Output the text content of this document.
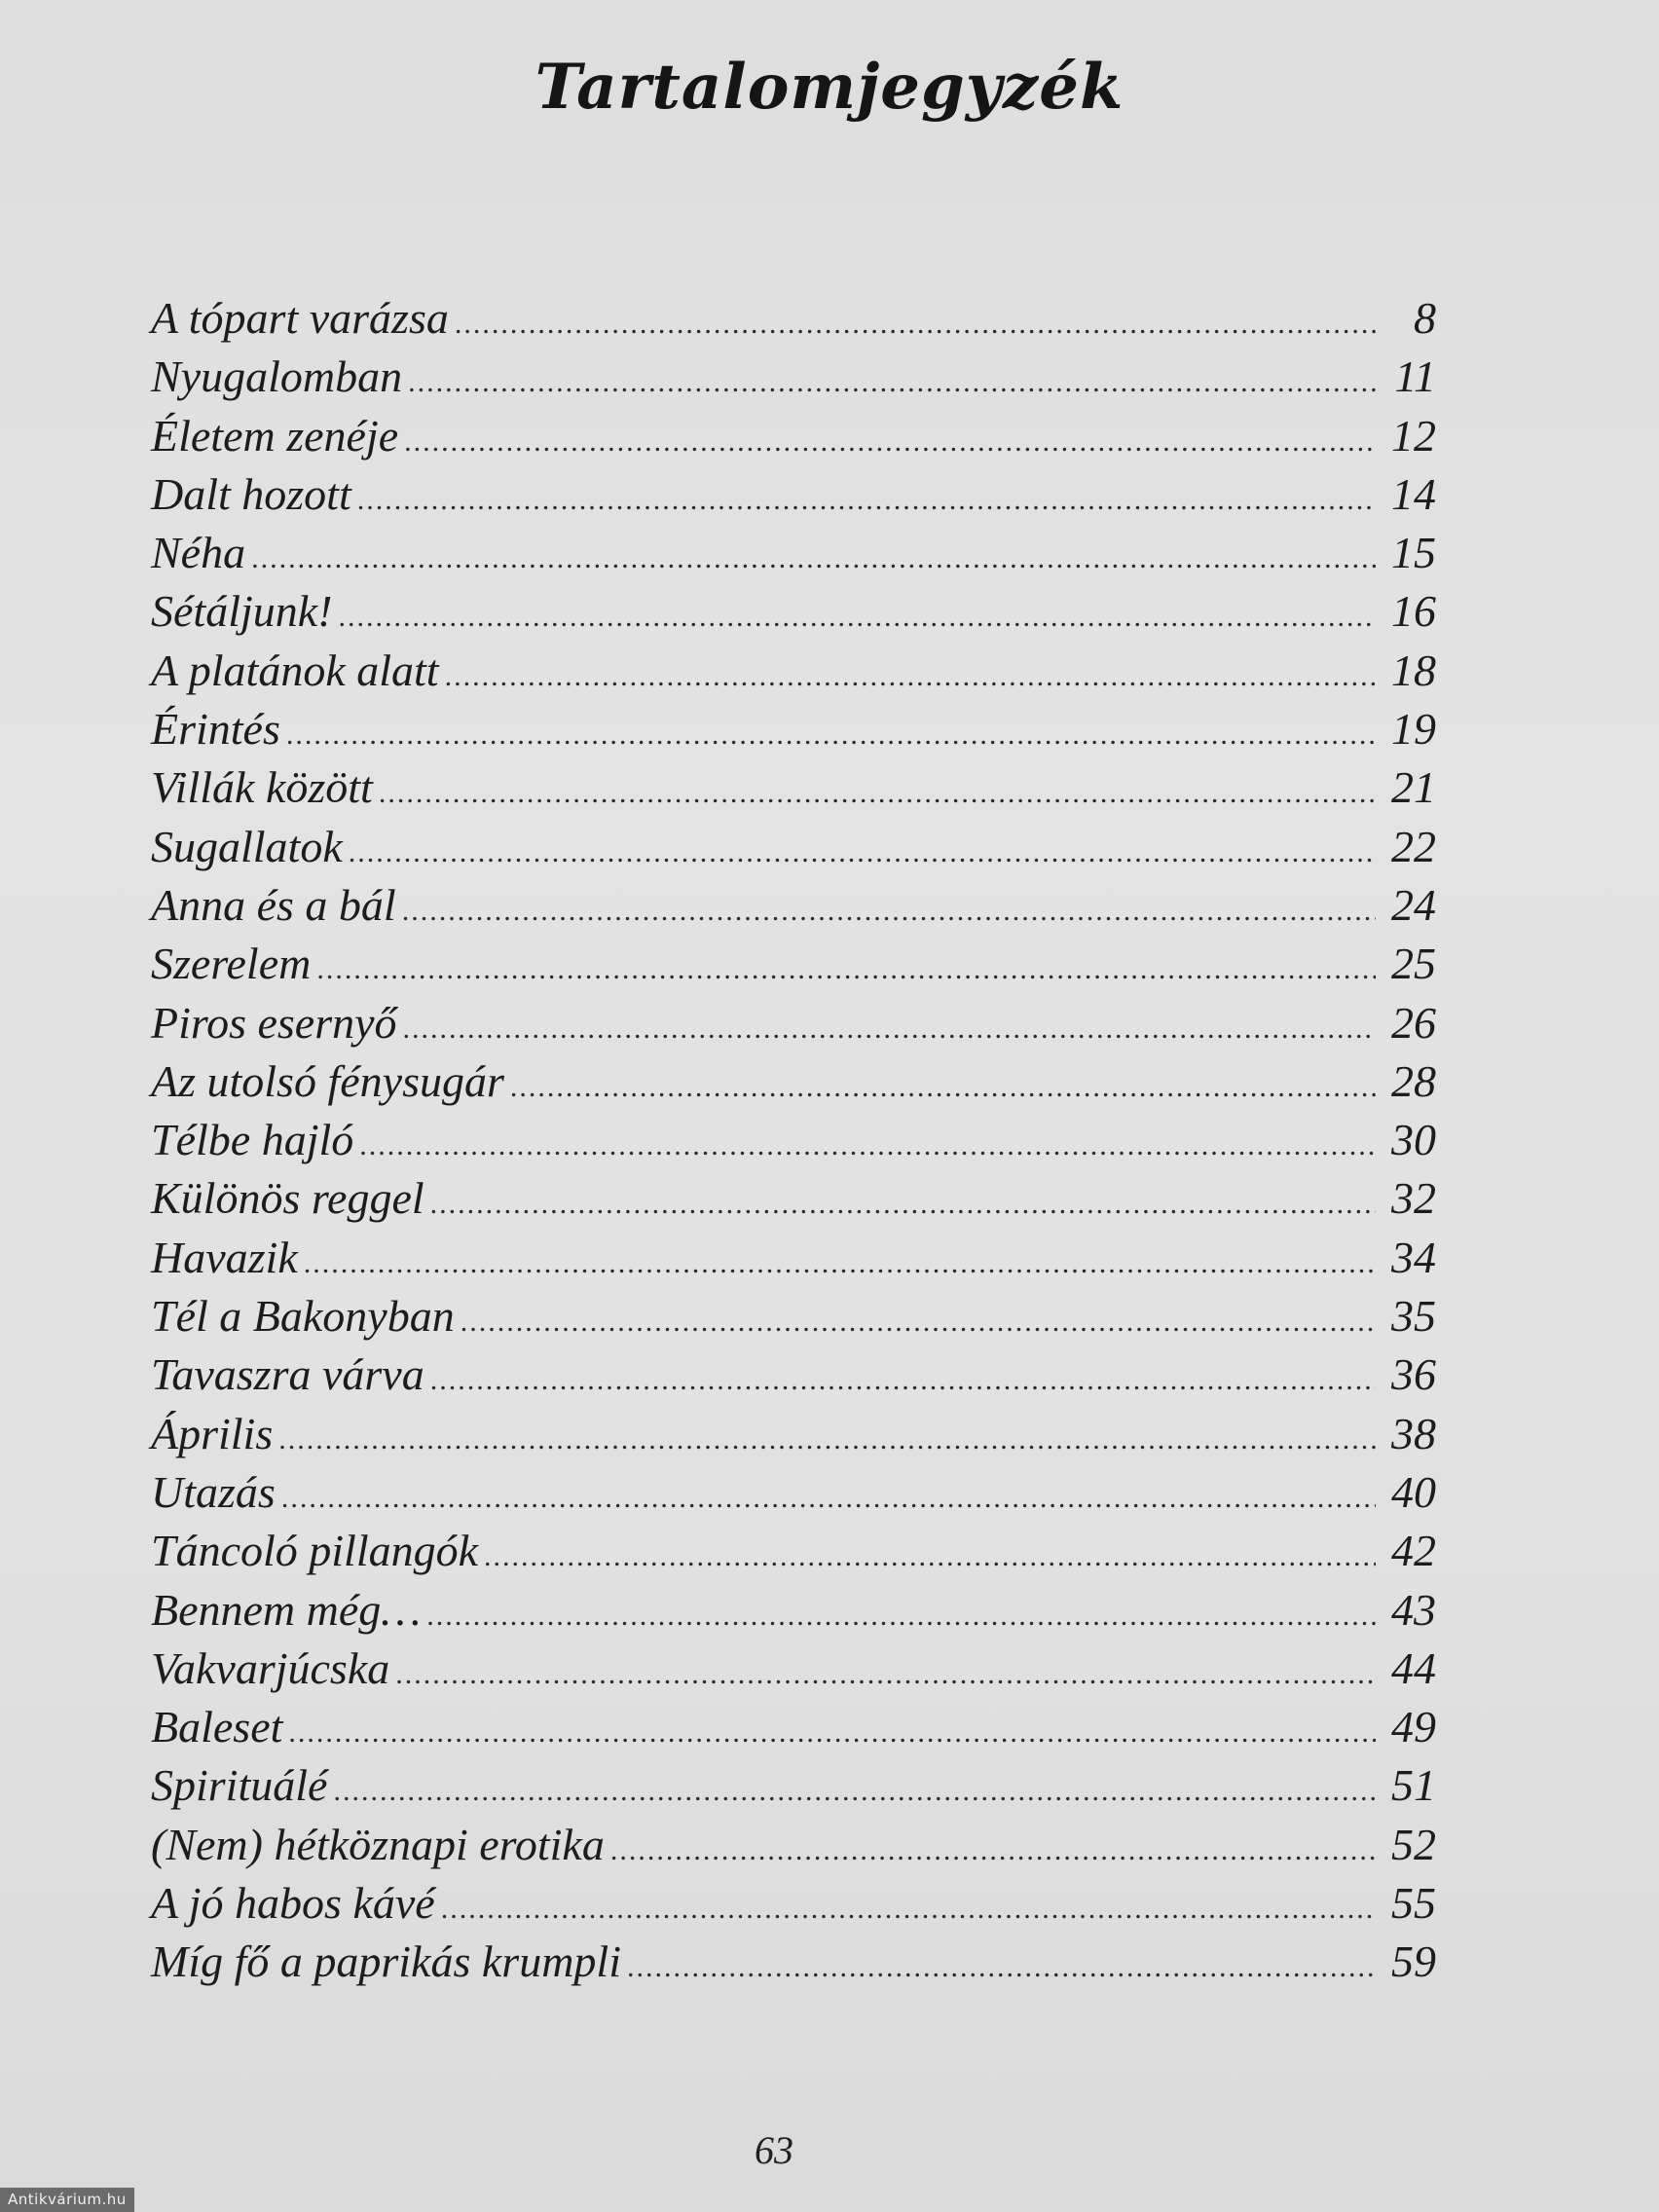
Tartalomjegyzék
A tópart varázsa .....	8
Nyugalomban .....	11
Életem zenéje .....	12
Dalt hozott .....	14
Néha .....	15
Sétáljunk! .....	16
A platánok alatt .....	18
Érintés .....	19
Villák között .....	21
Sugallatok .....	22
Anna és a bál .....	24
Szerelem .....	25
Piros esernyő .....	26
Az utolsó fénysugár .....	28
Télbe hajló .....	30
Különös reggel .....	32
Havazik .....	34
Tél a Bakonyban .....	35
Tavaszra várva .....	36
Április .....	38
Utazás .....	40
Táncoló pillangók .....	42
Bennem még… .....	43
Vakvarjúcska .....	44
Baleset .....	49
Spirituálé .....	51
(Nem) hétköznapi erotika .....	52
A jó habos kávé .....	55
Míg fő a paprikás krumpli .....	59
63
Antikvárium.hu
